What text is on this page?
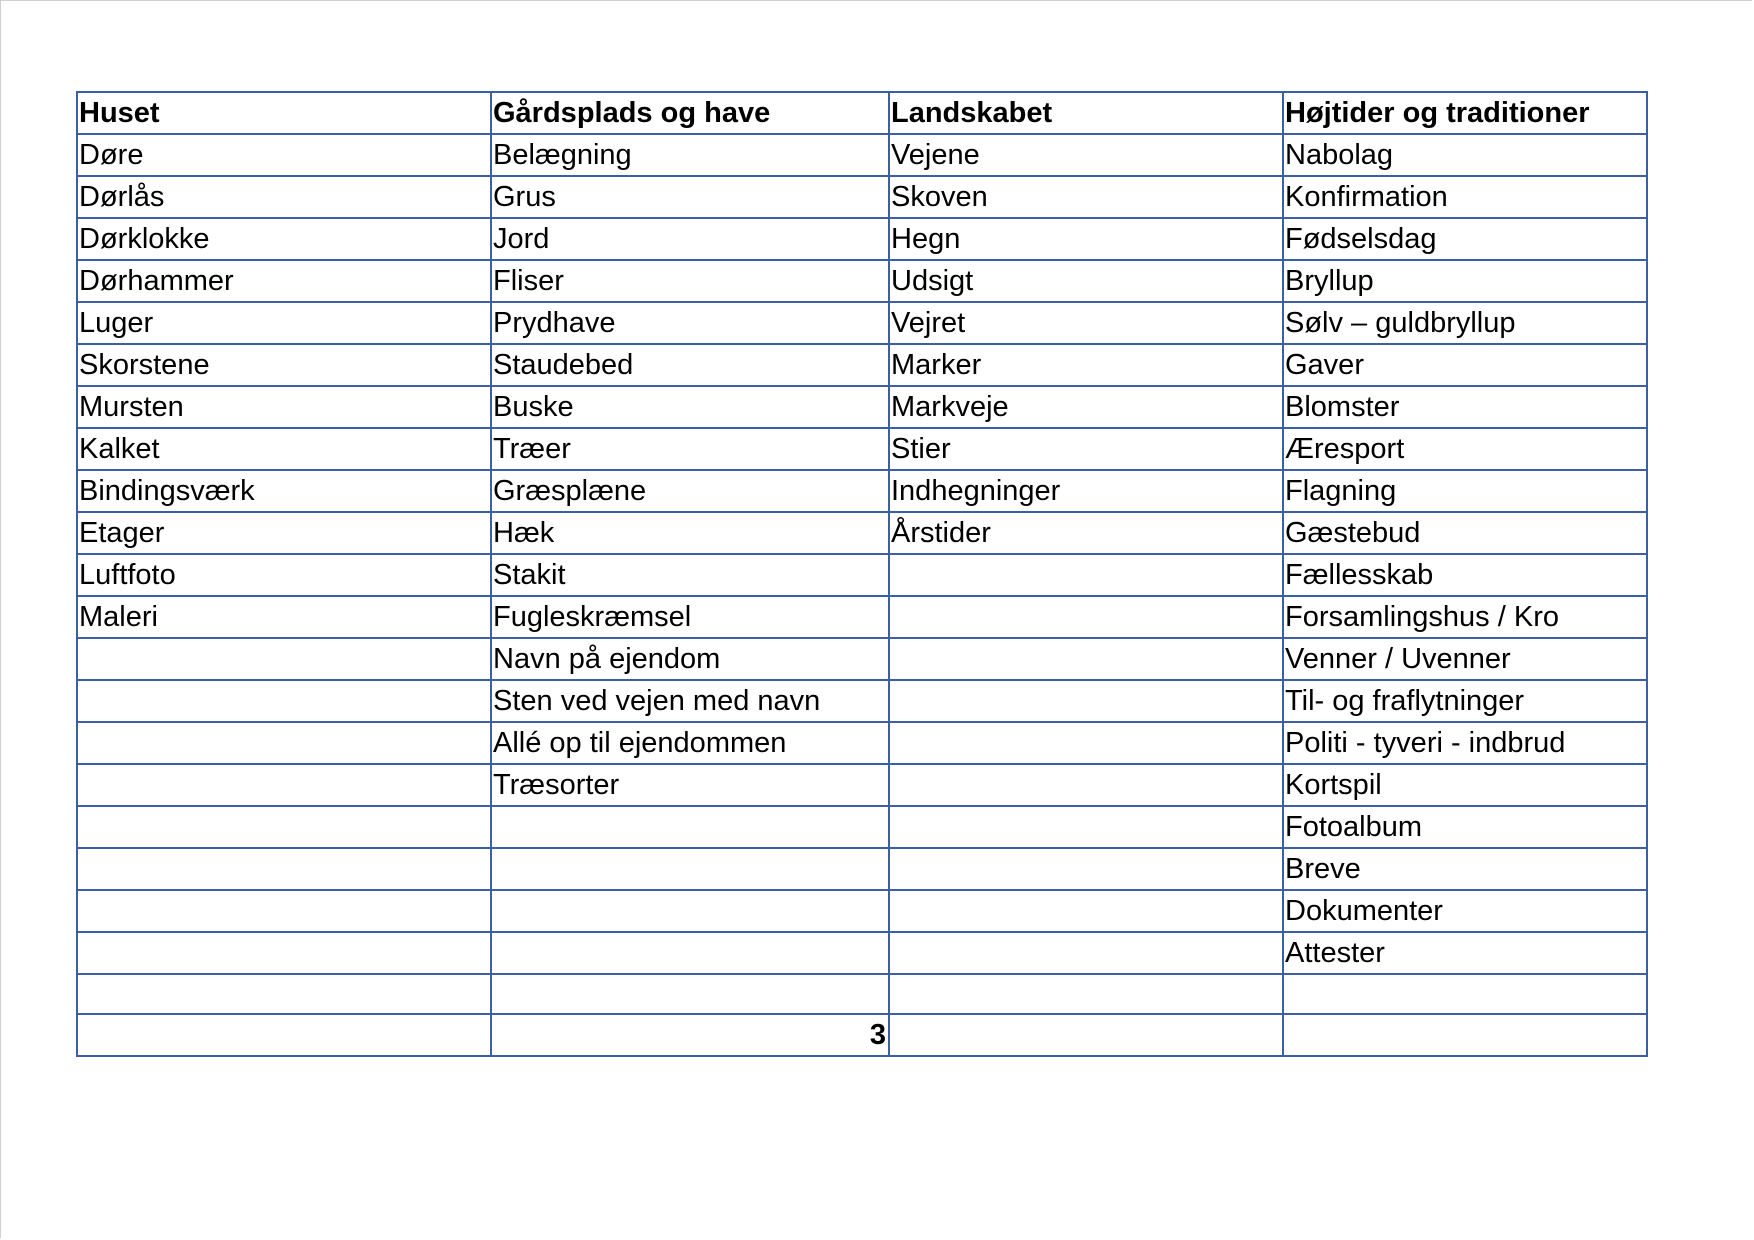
Huset	Gårdsplads og have	Landskabet	Højtider og traditioner
Døre	Belægning	Vejene	Nabolag
Dørlås	Grus	Skoven	Konfirmation
Dørklokke	Jord	Hegn	Fødselsdag
Dørhammer	Fliser	Udsigt	Bryllup
Luger	Prydhave	Vejret	Sølv – guldbryllup
Skorstene	Staudebed	Marker	Gaver
Mursten	Buske	Markveje	Blomster
Kalket	Træer	Stier	Æresport
Bindingsværk	Græsplæne	Indhegninger	Flagning
Etager	Hæk	Årstider	Gæstebud
Luftfoto	Stakit		Fællesskab
Maleri	Fugleskræmsel		Forsamlingshus / Kro
	Navn på ejendom		Venner / Uvenner
	Sten ved vejen med navn		Til- og fraflytninger
	Allé op til ejendommen		Politi - tyveri - indbrud
	Træsorter		Kortspil
			Fotoalbum
			Breve
			Dokumenter
			Attester

	3		
